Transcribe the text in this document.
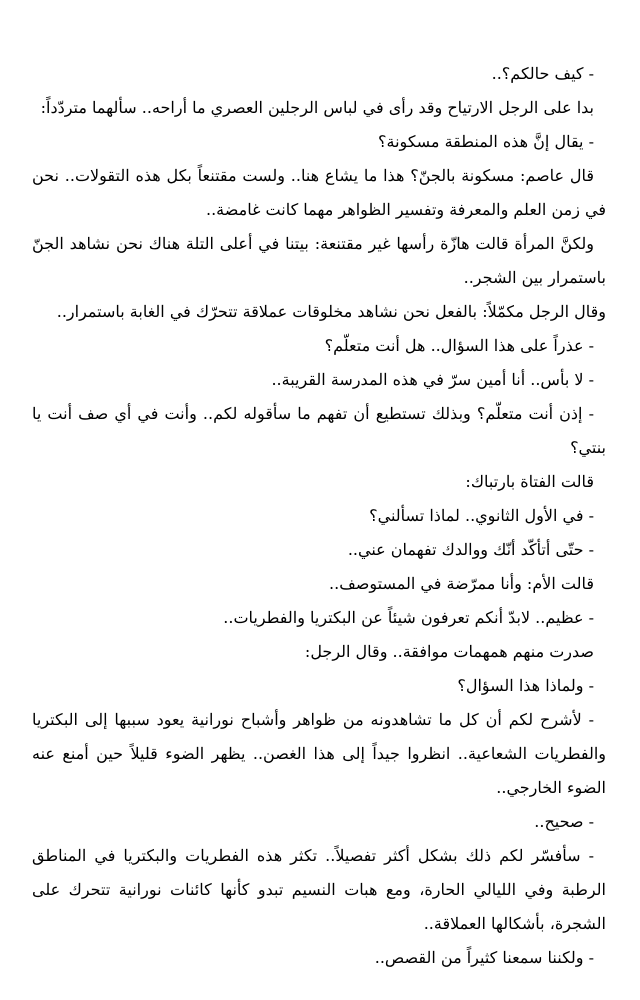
- كيف حالكم؟..

بدا على الرجل الارتياح وقد رأى في لباس الرجلين العصري ما أراحه.. سألهما متردّداً:

- يقال إنَّ هذه المنطقة مسكونة؟

قال عاصم: مسكونة بالجنّ؟ هذا ما يشاع هنا.. ولست مقتنعاً بكل هذه التقولات.. نحن في زمن العلم والمعرفة وتفسير الظواهر مهما كانت غامضة..

ولكنَّ المرأة قالت هازّة رأسها غير مقتنعة: بيتنا في أعلى التلة هناك نحن نشاهد الجنّ باستمرار بين الشجر..

وقال الرجل مكمّلاً: بالفعل نحن نشاهد مخلوقات عملاقة تتحرّك في الغابة باستمرار..

- عذراً على هذا السؤال.. هل أنت متعلّم؟

- لا بأس.. أنا أمين سرّ في هذه المدرسة القريبة..

- إذن أنت متعلّم؟ وبذلك تستطيع أن تفهم ما سأقوله لكم.. وأنت في أي صف أنت يا بنتي؟

قالت الفتاة بارتباك:

- في الأول الثانوي.. لماذا تسألني؟

- حتّى أتأكّد أنّك ووالدك تفهمان عني..

قالت الأم: وأنا ممرّضة في المستوصف..

- عظيم.. لابدّ أنكم تعرفون شيئاً عن البكتريا والفطريات..

صدرت منهم همهمات موافقة.. وقال الرجل:

- ولماذا هذا السؤال؟

- لأشرح لكم أن كل ما تشاهدونه من ظواهر وأشباح نورانية يعود سببها إلى البكتريا والفطريات الشعاعية.. انظروا جيداً إلى هذا الغصن.. يظهر الضوء قليلاً حين أمنع عنه الضوء الخارجي..

- صحيح..

- سأفسّر لكم ذلك بشكل أكثر تفصيلاً.. تكثر هذه الفطريات والبكتريا في المناطق الرطبة وفي الليالي الحارة، ومع هبات النسيم تبدو كأنها كائنات نورانية تتحرك على الشجرة، بأشكالها العملاقة..

- ولكننا سمعنا كثيراً من القصص..
